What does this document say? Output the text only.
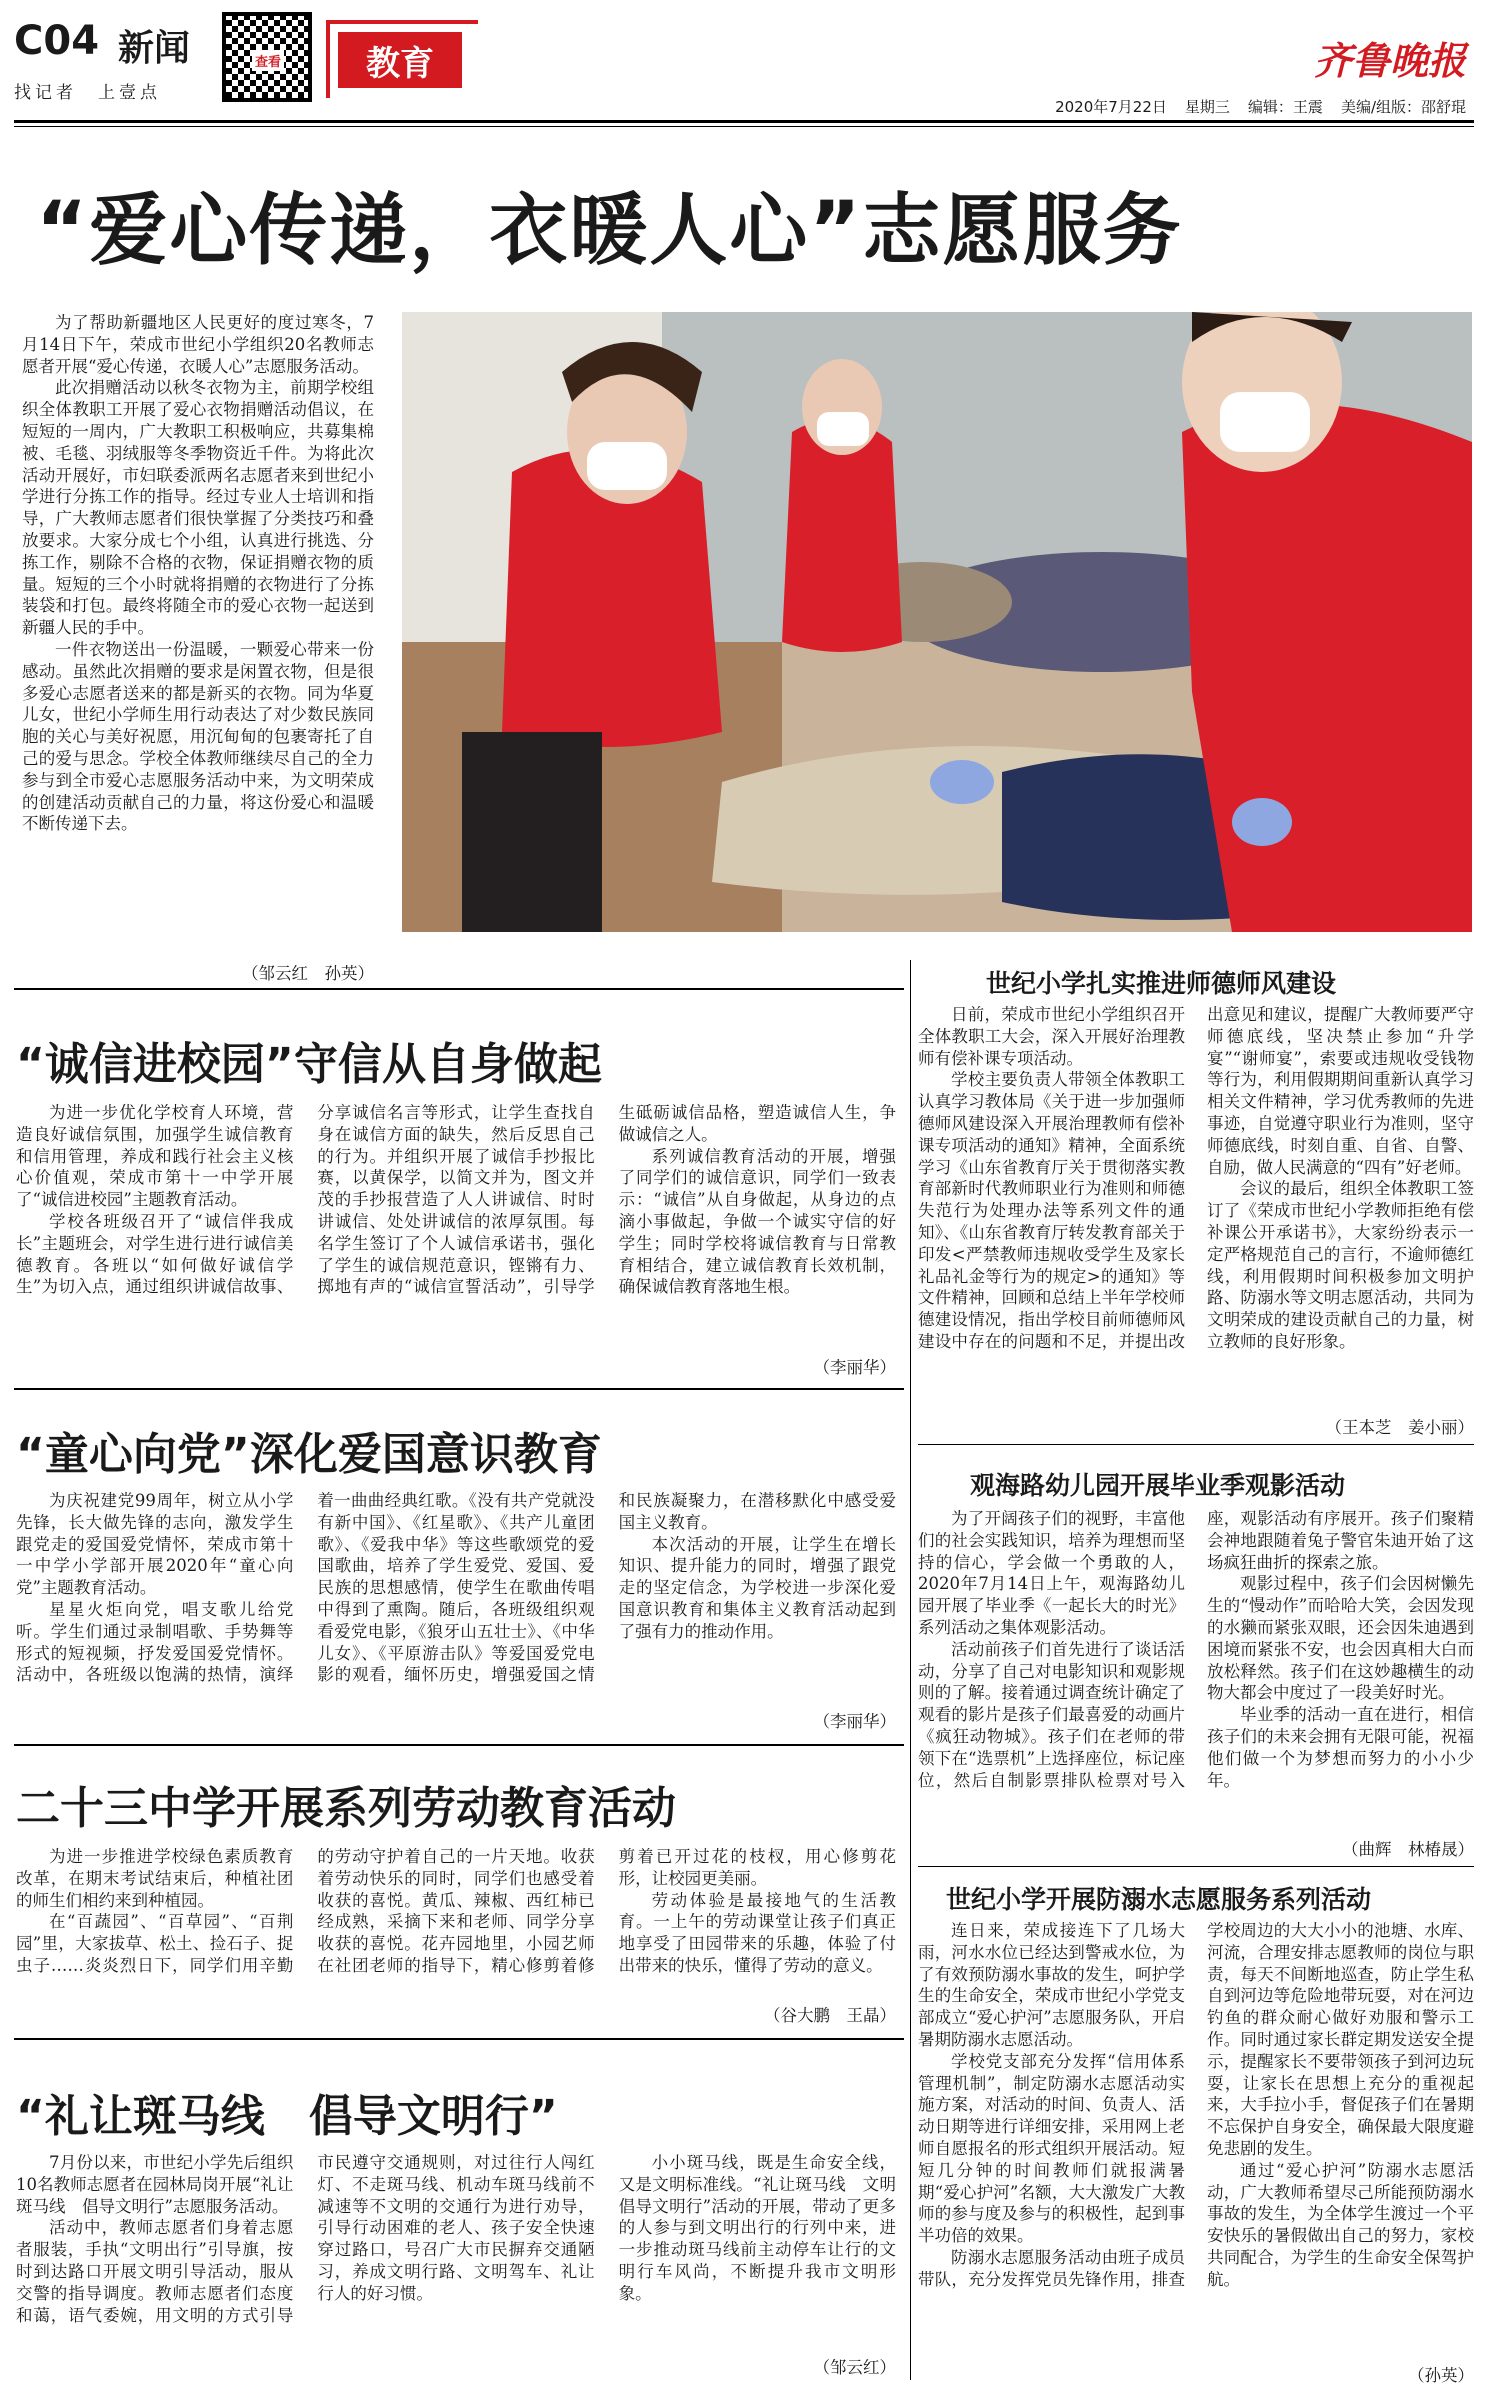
C04 新闻
找记者　上壹点
查看	教育	齐鲁晚报
2020年7月22日 星期三 编辑：王震 美编/组版：邵舒琨
“爱心传递，衣暖人心”志愿服务

为了帮助新疆地区人民更好的度过寒冬，7月14日下午，荣成市世纪小学组织20名教师志愿者开展“爱心传递，衣暖人心”志愿服务活动。

此次捐赠活动以秋冬衣物为主，前期学校组织全体教职工开展了爱心衣物捐赠活动倡议，在短短的一周内，广大教职工积极响应，共募集棉被、毛毯、羽绒服等冬季物资近千件。为将此次活动开展好，市妇联委派两名志愿者来到世纪小学进行分拣工作的指导。经过专业人士培训和指导，广大教师志愿者们很快掌握了分类技巧和叠放要求。大家分成七个小组，认真进行挑选、分拣工作，剔除不合格的衣物，保证捐赠衣物的质量。短短的三个小时就将捐赠的衣物进行了分拣装袋和打包。最终将随全市的爱心衣物一起送到新疆人民的手中。

一件衣物送出一份温暖，一颗爱心带来一份感动。虽然此次捐赠的要求是闲置衣物，但是很多爱心志愿者送来的都是新买的衣物。同为华夏儿女，世纪小学师生用行动表达了对少数民族同胞的关心与美好祝愿，用沉甸甸的包裹寄托了自己的爱与思念。学校全体教师继续尽自己的全力参与到全市爱心志愿服务活动中来，为文明荣成的创建活动贡献自己的力量，将这份爱心和温暖不断传递下去。

（邹云红　孙英）
“诚信进校园”守信从自身做起

为进一步优化学校育人环境，营造良好诚信氛围，加强学生诚信教育和信用管理，养成和践行社会主义核心价值观，荣成市第十一中学开展了“诚信进校园”主题教育活动。

学校各班级召开了“诚信伴我成长”主题班会，对学生进行进行诚信美德教育。各班以“如何做好诚信学生”为切入点，通过组织讲诚信故事、分享诚信名言等形式，让学生查找自身在诚信方面的缺失，然后反思自己的行为。并组织开展了诚信手抄报比赛，以黄保学，以简文并为，图文并茂的手抄报营造了人人讲诚信、时时讲诚信、处处讲诚信的浓厚氛围。每名学生签订了个人诚信承诺书，强化了学生的诚信规范意识，铿锵有力、掷地有声的“诚信宣誓活动”，引导学生砥砺诚信品格，塑造诚信人生，争做诚信之人。

系列诚信教育活动的开展，增强了同学们的诚信意识，同学们一致表示：“诚信”从自身做起，从身边的点滴小事做起，争做一个诚实守信的好学生；同时学校将诚信教育与日常教育相结合，建立诚信教育长效机制，确保诚信教育落地生根。

（李丽华）
“童心向党”深化爱国意识教育

为庆祝建党99周年，树立从小学先锋，长大做先锋的志向，激发学生跟党走的爱国爱党情怀，荣成市第十一中学小学部开展2020年“童心向党”主题教育活动。

星星火炬向党，唱支歌儿给党听。学生们通过录制唱歌、手势舞等形式的短视频，抒发爱国爱党情怀。活动中，各班级以饱满的热情，演绎着一曲曲经典红歌。《没有共产党就没有新中国》、《红星歌》、《共产儿童团歌》、《爱我中华》等这些歌颂党的爱国歌曲，培养了学生爱党、爱国、爱民族的思想感情，使学生在歌曲传唱中得到了熏陶。随后，各班级组织观看爱党电影，《狼牙山五壮士》、《中华儿女》、《平原游击队》等爱国爱党电影的观看，缅怀历史，增强爱国之情和民族凝聚力，在潜移默化中感受爱国主义教育。

本次活动的开展，让学生在增长知识、提升能力的同时，增强了跟党走的坚定信念，为学校进一步深化爱国意识教育和集体主义教育活动起到了强有力的推动作用。

（李丽华）
二十三中学开展系列劳动教育活动

为进一步推进学校绿色素质教育改革，在期末考试结束后，种植社团的师生们相约来到种植园。

在“百蔬园”、“百草园”、“百荆园”里，大家拔草、松土、捡石子、捉虫子……炎炎烈日下，同学们用辛勤的劳动守护着自己的一片天地。收获着劳动快乐的同时，同学们也感受着收获的喜悦。黄瓜、辣椒、西红柿已经成熟，采摘下来和老师、同学分享收获的喜悦。花卉园地里，小园艺师在社团老师的指导下，精心修剪着修剪着已开过花的枝杈，用心修剪花形，让校园更美丽。

劳动体验是最接地气的生活教育。一上午的劳动课堂让孩子们真正地享受了田园带来的乐趣，体验了付出带来的快乐，懂得了劳动的意义。

（谷大鹏　王晶）
“礼让斑马线　倡导文明行”

7月份以来，市世纪小学先后组织10名教师志愿者在园林局岗开展“礼让斑马线　倡导文明行”志愿服务活动。

活动中，教师志愿者们身着志愿者服装，手执“文明出行”引导旗，按时到达路口开展文明引导活动，服从交警的指导调度。教师志愿者们态度和蔼，语气委婉，用文明的方式引导市民遵守交通规则，对过往行人闯红灯、不走斑马线、机动车斑马线前不减速等不文明的交通行为进行劝导，引导行动困难的老人、孩子安全快速穿过路口，号召广大市民摒弃交通陋习，养成文明行路、文明驾车、礼让行人的好习惯。

小小斑马线，既是生命安全线，又是文明标准线。“礼让斑马线　文明倡导文明行”活动的开展，带动了更多的人参与到文明出行的行列中来，进一步推动斑马线前主动停车让行的文明行车风尚，不断提升我市文明形象。

（邹云红）
世纪小学扎实推进师德师风建设

日前，荣成市世纪小学组织召开全体教职工大会，深入开展好治理教师有偿补课专项活动。

学校主要负责人带领全体教职工认真学习教体局《关于进一步加强师德师风建设深入开展治理教师有偿补课专项活动的通知》精神，全面系统学习《山东省教育厅关于贯彻落实教育部新时代教师职业行为准则和师德失范行为处理办法等系列文件的通知》、《山东省教育厅转发教育部关于印发<严禁教师违规收受学生及家长礼品礼金等行为的规定>的通知》等文件精神，回顾和总结上半年学校师德建设情况，指出学校目前师德师风建设中存在的问题和不足，并提出改出意见和建议，提醒广大教师要严守师德底线，坚决禁止参加“升学宴”“谢师宴”，索要或违规收受钱物等行为，利用假期期间重新认真学习相关文件精神，学习优秀教师的先进事迹，自觉遵守职业行为准则，坚守师德底线，时刻自重、自省、自警、自励，做人民满意的“四有”好老师。

会议的最后，组织全体教职工签订了《荣成市世纪小学教师拒绝有偿补课公开承诺书》，大家纷纷表示一定严格规范自己的言行，不逾师德红线，利用假期时间积极参加文明护路、防溺水等文明志愿活动，共同为文明荣成的建设贡献自己的力量，树立教师的良好形象。

（王本芝　姜小丽）
观海路幼儿园开展毕业季观影活动

为了开阔孩子们的视野，丰富他们的社会实践知识，培养为理想而坚持的信心，学会做一个勇敢的人，2020年7月14日上午，观海路幼儿园开展了毕业季《一起长大的时光》系列活动之集体观影活动。

活动前孩子们首先进行了谈话活动，分享了自己对电影知识和观影规则的了解。接着通过调查统计确定了观看的影片是孩子们最喜爱的动画片《疯狂动物城》。孩子们在老师的带领下在“选票机”上选择座位，标记座位，然后自制影票排队检票对号入座，观影活动有序展开。孩子们聚精会神地跟随着兔子警官朱迪开始了这场疯狂曲折的探索之旅。

观影过程中，孩子们会因树懒先生的“慢动作”而哈哈大笑，会因发现的水獭而紧张双眼，还会因朱迪遇到困境而紧张不安，也会因真相大白而放松释然。孩子们在这妙趣横生的动物大都会中度过了一段美好时光。

毕业季的活动一直在进行，相信孩子们的未来会拥有无限可能，祝福他们做一个为梦想而努力的小小少年。

（曲辉　林椿晟）
世纪小学开展防溺水志愿服务系列活动

连日来，荣成接连下了几场大雨，河水水位已经达到警戒水位，为了有效预防溺水事故的发生，呵护学生的生命安全，荣成市世纪小学党支部成立“爱心护河”志愿服务队，开启暑期防溺水志愿活动。

学校党支部充分发挥“信用体系管理机制”，制定防溺水志愿活动实施方案，对活动的时间、负责人、活动日期等进行详细安排，采用网上老师自愿报名的形式组织开展活动。短短几分钟的时间教师们就报满暑期“爱心护河”名额，大大激发广大教师的参与度及参与的积极性，起到事半功倍的效果。

防溺水志愿服务活动由班子成员带队，充分发挥党员先锋作用，排查学校周边的大大小小的池塘、水库、河流，合理安排志愿教师的岗位与职责，每天不间断地巡查，防止学生私自到河边等危险地带玩耍，对在河边钓鱼的群众耐心做好劝服和警示工作。同时通过家长群定期发送安全提示，提醒家长不要带领孩子到河边玩耍，让家长在思想上充分的重视起来，大手拉小手，督促孩子们在暑期不忘保护自身安全，确保最大限度避免悲剧的发生。

通过“爱心护河”防溺水志愿活动，广大教师希望尽己所能预防溺水事故的发生，为全体学生渡过一个平安快乐的暑假做出自己的努力，家校共同配合，为学生的生命安全保驾护航。

（孙英）
